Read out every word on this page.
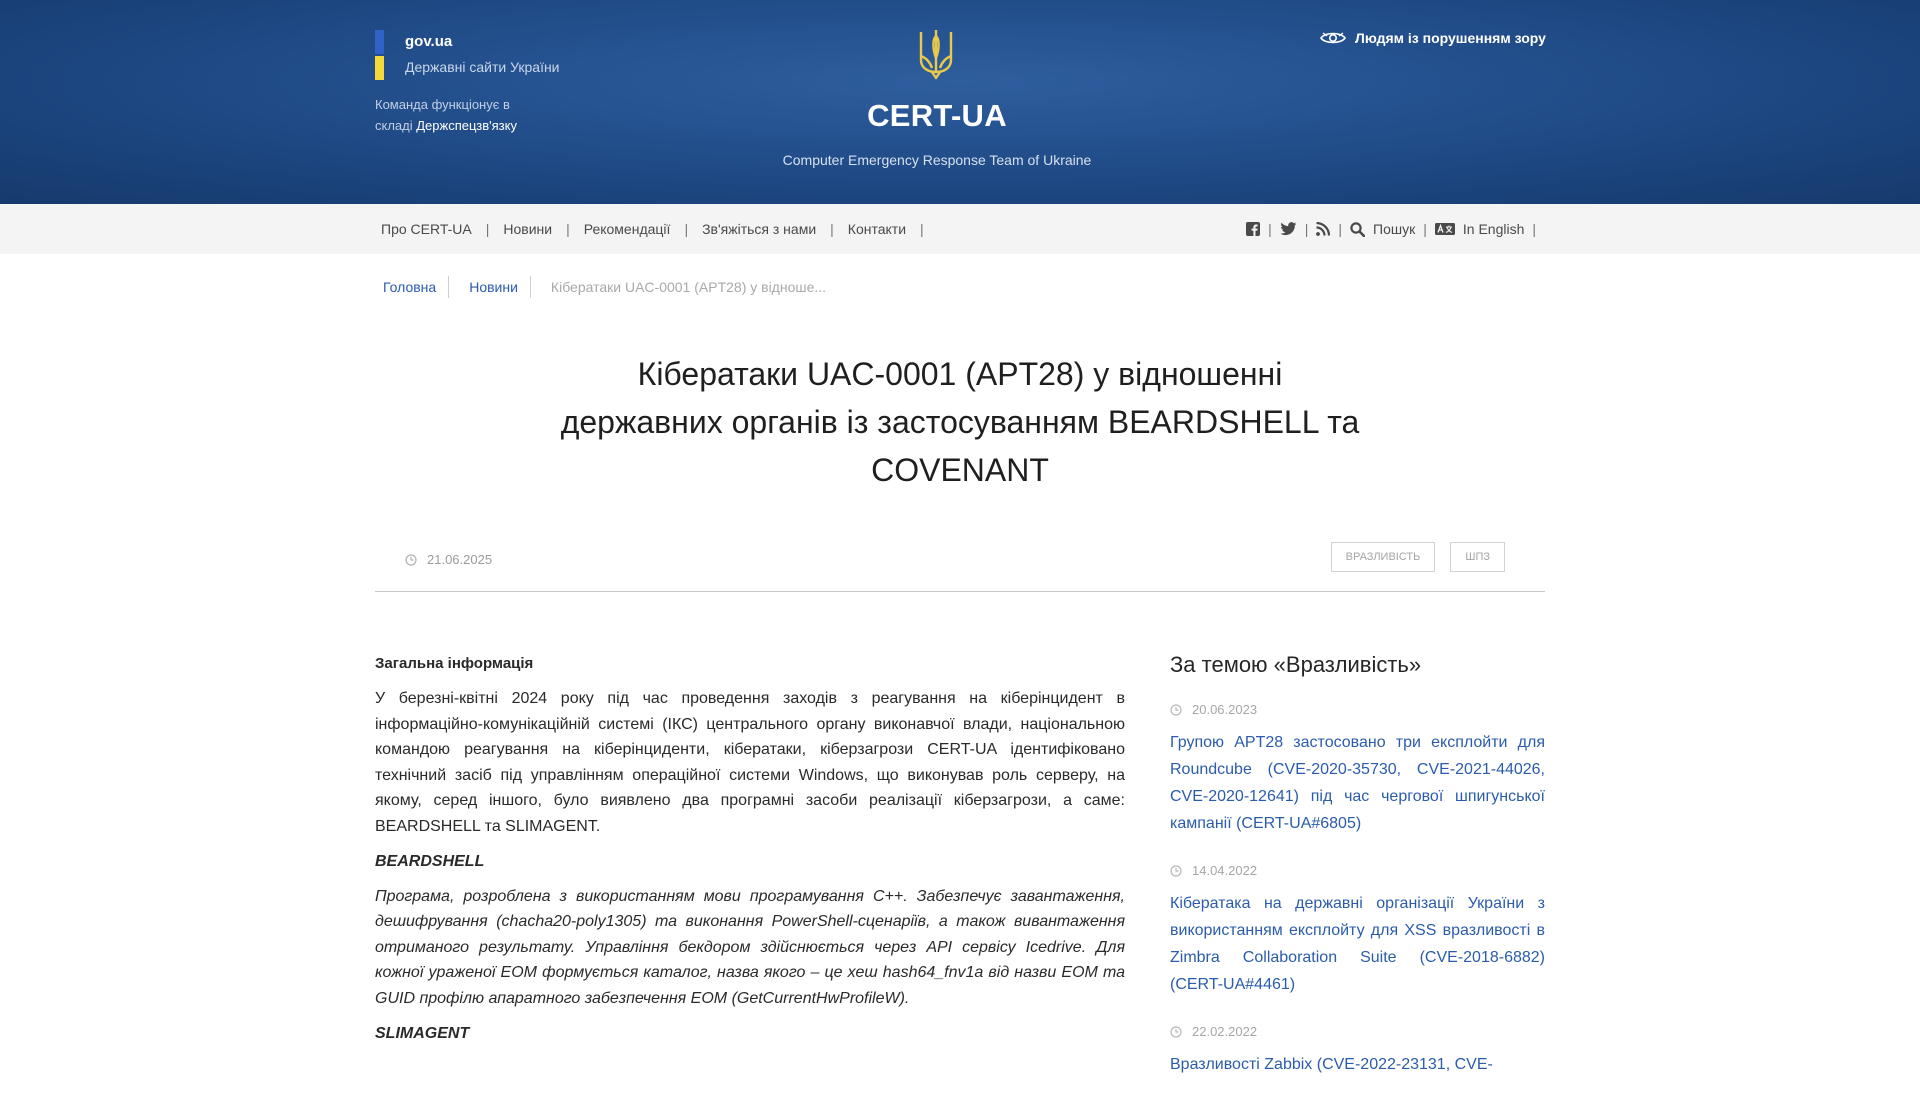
gov.ua
Державні сайти України
Команда функціонує в складі Держспецзв'язку	CERT-UA
Computer Emergency Response Team of Ukraine
Людям із порушенням зору
Про CERT-UA	|	Новини	|	Рекомендації	|	Зв'яжіться з нами	|	Контакти	|	|	|	|	Пошук |	In English |
Головна	Новини	Кібератаки UAC-0001 (APT28) у відноше...
Кібератаки UAC-0001 (APT28) у відношенні державних органів із застосуванням BEARDSHELL та COVENANT
21.06.2025	ВРАЗЛИВІСТЬ	ШПЗ
Загальна інформація

У березні-квітні 2024 року під час проведення заходів з реагування на кіберінцидент в інформаційно-комунікаційній системі (ІКС) центрального органу виконавчої влади, національною командою реагування на кіберінциденти, кібератаки, кіберзагрози CERT-UA ідентифіковано технічний засіб під управлінням операційної системи Windows, що виконував роль серверу, на якому, серед іншого, було виявлено два програмні засоби реалізації кіберзагрози, а саме: BEARDSHELL та SLIMAGENT.

BEARDSHELL

Програма, розроблена з використанням мови програмування C++. Забезпечує завантаження, дешифрування (chacha20-poly1305) та виконання PowerShell-сценаріїв, а також вивантаження отриманого результату. Управління бекдором здійснюється через API сервісу Icedrive. Для кожної ураженої ЕОМ формується каталог, назва якого – це хеш hash64_fnv1a від назви ЕОМ та GUID профілю апаратного забезпечення ЕОМ (GetCurrentHwProfileW).

SLIMAGENT

За темою «Вразливість»
20.06.2023
Групою APT28 застосовано три експлойти для Roundcube (CVE-2020-35730, CVE-2021-44026, CVE-2020-12641) під час чергової шпигунської кампанії (CERT-UA#6805)
14.04.2022
Кібератака на державні організації України з використанням експлойту для XSS вразливості в Zimbra Collaboration Suite (CVE-2018-6882) (CERT-UA#4461)
22.02.2022
Вразливості Zabbix (CVE-2022-23131, CVE-
